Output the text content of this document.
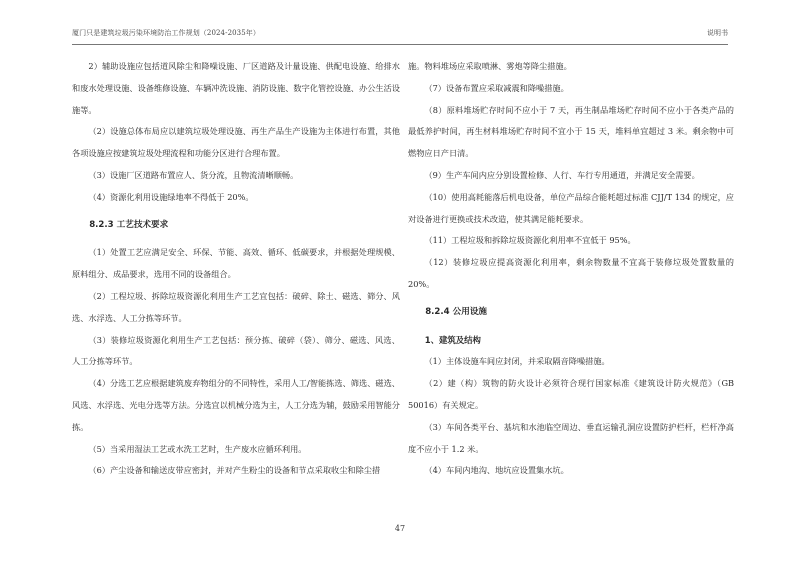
厦门只是建筑垃圾污染环境防治工作规划（2024-2035年）	说明书

2）辅助设施应包括道风除尘和降噪设施、厂区道路及计量设施、供配电设施、给排水和废水处理设施、设备维修设施、车辆冲洗设施、消防设施、数字化管控设施、办公生活设施等。

（2）设施总体布局应以建筑垃圾处理设施、再生产品生产设施为主体进行布置，其他各项设施应按建筑垃圾处理流程和功能分区进行合理布置。

（3）设施厂区道路布置应人、货分流，且物流清晰顺畅。

（4）资源化利用设施绿地率不得低于 20%。

8.2.3 工艺技术要求

（1）处置工艺应满足安全、环保、节能、高效、循环、低碳要求，并根据处理规模、原料组分、成品要求，选用不同的设备组合。

（2）工程垃圾、拆除垃圾资源化利用生产工艺宜包括：破碎、除土、磁选、筛分、风选、水浮选、人工分拣等环节。

（3）装修垃圾资源化利用生产工艺包括：预分拣、破碎（袋）、筛分、磁选、风选、人工分拣等环节。

（4）分选工艺应根据建筑废弃物组分的不同特性，采用人工/智能拣选、筛选、磁选、风选、水浮选、光电分选等方法。分选宜以机械分选为主，人工分选为辅，鼓励采用智能分拣。

（5）当采用湿法工艺或水洗工艺时，生产废水应循环利用。

（6）产尘设备和输送皮带应密封，并对产生粉尘的设备和节点采取收尘和除尘措

施。物料堆场应采取喷淋、雾炮等降尘措施。

（7）设备布置应采取减震和降噪措施。

（8）原料堆场贮存时间不应小于 7 天，再生制品堆场贮存时间不应小于各类产品的最低养护时间，再生材料堆场贮存时间不宜小于 15 天，堆料单宜超过 3 米。剩余物中可燃物应日产日清。

（9）生产车间内应分别设置检修、人行、车行专用通道，并满足安全需要。

（10）使用高耗能落后机电设备，单位产品综合能耗超过标准 CJJ/T 134 的规定，应对设备进行更换或技术改造，使其满足能耗要求。

（11）工程垃圾和拆除垃圾资源化利用率不宜低于 95%。

（12）装修垃圾应提高资源化利用率，剩余物数量不宜高于装修垃圾处置数量的 20%。

8.2.4 公用设施
1、建筑及结构

（1）主体设施车间应封闭，并采取隔音降噪措施。

（2）建（构）筑物的防火设计必须符合现行国家标准《建筑设计防火规范》（GB 50016）有关规定。

（3）车间各类平台、基坑和水池临空周边、垂直运输孔洞应设置防护栏杆，栏杆净高度不应小于 1.2 米。

（4）车间内地沟、地坑应设置集水坑。

47
